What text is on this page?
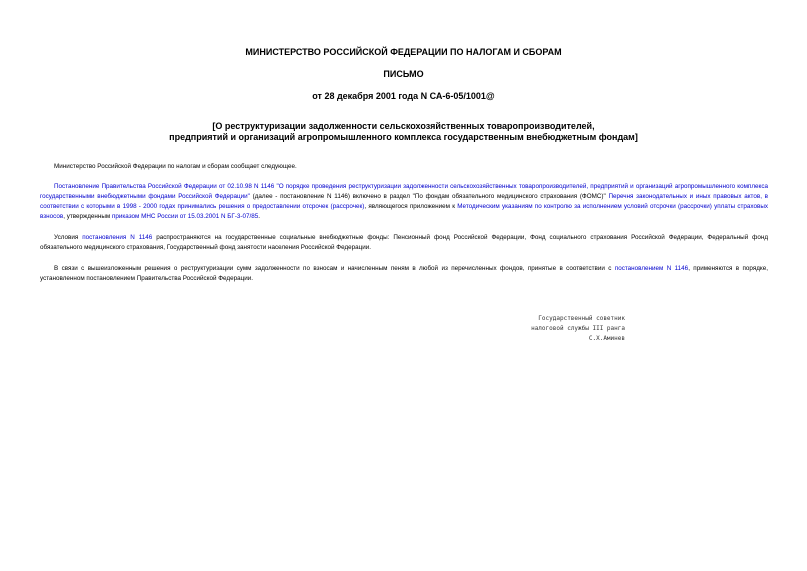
МИНИСТЕРСТВО РОССИЙСКОЙ ФЕДЕРАЦИИ ПО НАЛОГАМ И СБОРАМ
ПИСЬМО
от 28 декабря 2001 года N СА-6-05/1001@
[О реструктуризации задолженности сельскохозяйственных товаропроизводителей,
предприятий и организаций агропромышленного комплекса государственным внебюджетным фондам]
Министерство Российской Федерации по налогам и сборам сообщает следующее.
Постановление Правительства Российской Федерации от 02.10.98 N 1146 "О порядке проведения реструктуризации задолженности сельскохозяйственных товаропроизводителей, предприятий и организаций агропромышленного комплекса государственными внебюджетными фондами Российской Федерации" (далее - постановление N 1146) включено в раздел "По фондам обязательного медицинского страхования (ФОМС)" Перечня законодательных и иных правовых актов, в соответствии с которыми в 1998 - 2000 годах принимались решения о предоставлении отсрочек (рассрочек), являющегося приложением к Методическим указаниям по контролю за исполнением условий отсрочки (рассрочки) уплаты страховых взносов, утвержденным приказом МНС России от 15.03.2001 N БГ-3-07/85.
Условия постановления N 1146 распространяются на государственные социальные внебюджетные фонды: Пенсионный фонд Российской Федерации, Фонд социального страхования Российской Федерации, Федеральный фонд обязательного медицинского страхования, Государственный фонд занятости населения Российской Федерации.
В связи с вышеизложенным решения о реструктуризации сумм задолженности по взносам и начисленным пеням в любой из перечисленных фондов, принятые в соответствии с постановлением N 1146, применяются в порядке, установленном постановлением Правительства Российской Федерации.
Государственный советник
налоговой службы III ранга
С.Х.Аминев
